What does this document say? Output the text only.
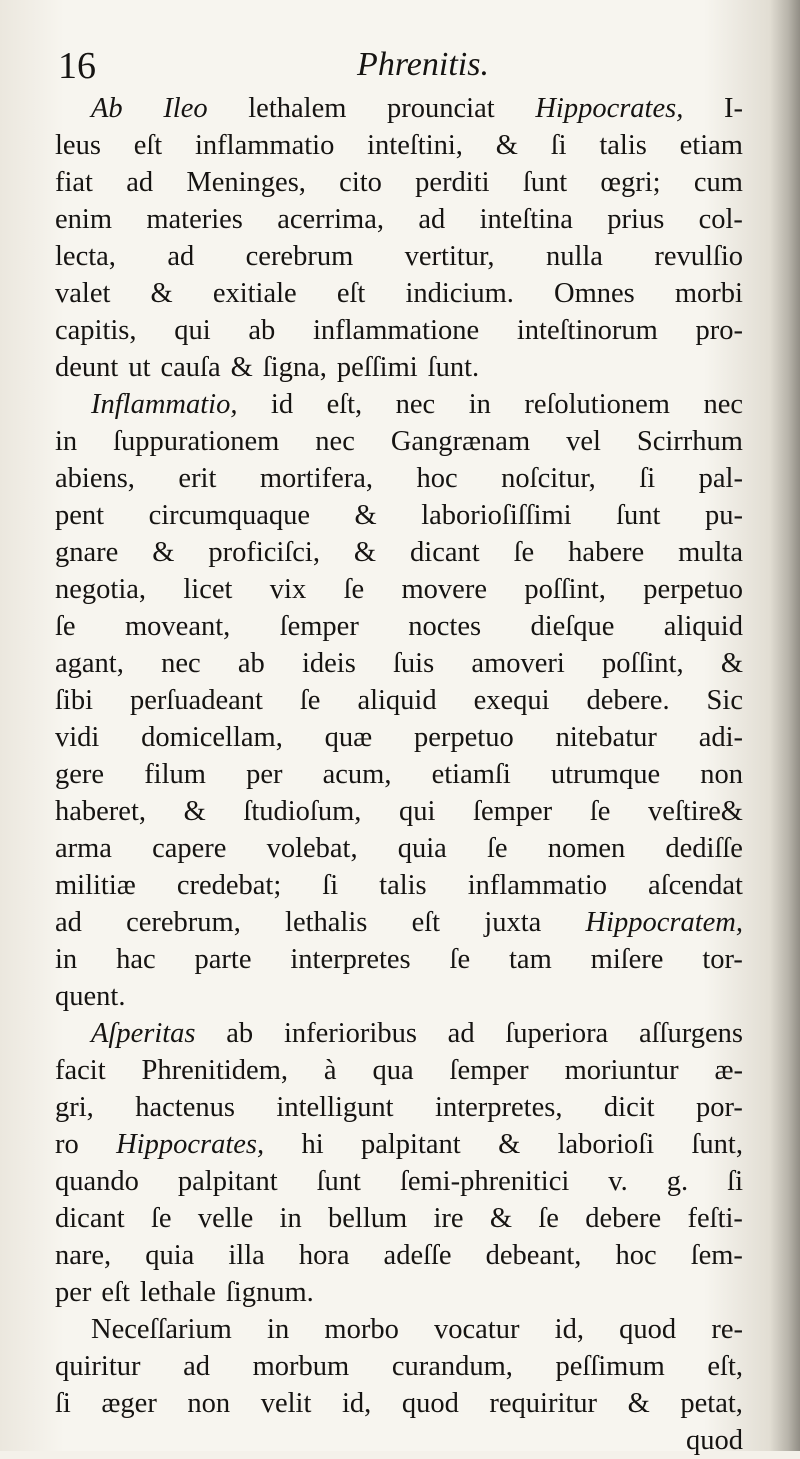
16	Phrenitis.
Ab Ileo lethalem prounciat Hippocrates, I-
leus eſt inflammatio inteſtini, & ſi talis etiam
fiat ad Meninges, cito perditi ſunt œgri; cum
enim materies acerrima, ad inteſtina prius col-
lecta, ad cerebrum vertitur, nulla revulſio
valet & exitiale eſt indicium. Omnes morbi
capitis, qui ab inflammatione inteſtinorum pro-
deunt ut cauſa & ſigna, peſſimi ſunt.
Inflammatio, id eſt, nec in reſolutionem nec
in ſuppurationem nec Gangrænam vel Scirrhum
abiens, erit mortifera, hoc noſcitur, ſi pal-
pent circumquaque & laborioſiſſimi ſunt pu-
gnare & proficiſci, & dicant ſe habere multa
negotia, licet vix ſe movere poſſint, perpetuo
ſe moveant, ſemper noctes dieſque aliquid
agant, nec ab ideis ſuis amoveri poſſint, &
ſibi perſuadeant ſe aliquid exequi debere. Sic
vidi domicellam, quæ perpetuo nitebatur adi-
gere filum per acum, etiamſi utrumque non
haberet, & ſtudioſum, qui ſemper ſe veſtire&
arma capere volebat, quia ſe nomen dediſſe
militiæ credebat; ſi talis inflammatio aſcendat
ad cerebrum, lethalis eſt juxta Hippocratem,
in hac parte interpretes ſe tam miſere tor-
quent.
Aſperitas ab inferioribus ad ſuperiora aſſurgens
facit Phrenitidem, à qua ſemper moriuntur æ-
gri, hactenus intelligunt interpretes, dicit por-
ro Hippocrates, hi palpitant & laborioſi ſunt,
quando palpitant ſunt ſemi-phrenitici v. g. ſi
dicant ſe velle in bellum ire & ſe debere feſti-
nare, quia illa hora adeſſe debeant, hoc ſem-
per eſt lethale ſignum.
Neceſſarium in morbo vocatur id, quod re-
quiritur ad morbum curandum, peſſimum eſt,
ſi æger non velit id, quod requiritur & petat,
quod
